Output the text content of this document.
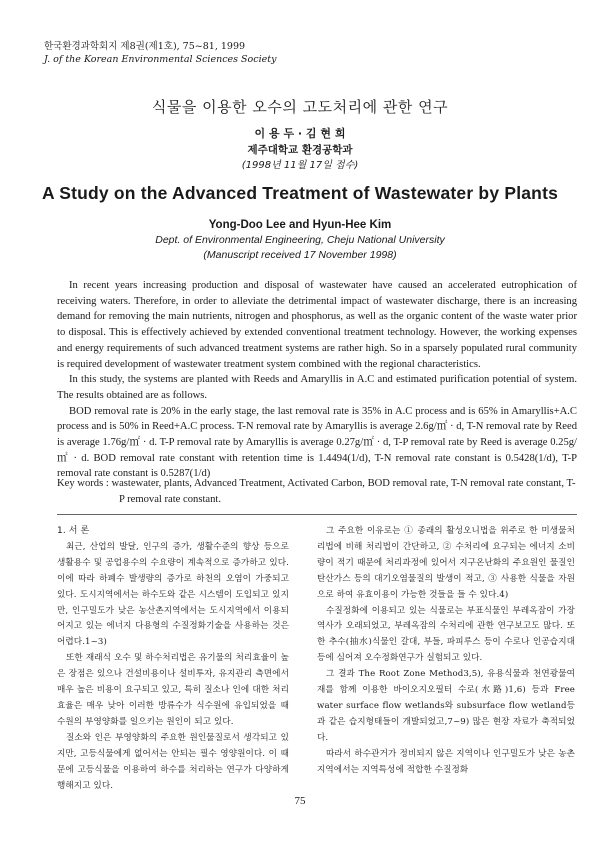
한국환경과학회지 제8권(제1호), 75~81, 1999
J. of the Korean Environmental Sciences Society
식물을 이용한 오수의 고도처리에 관한 연구
이 용 두 · 김 현 희
제주대학교 환경공학과
(1998년 11월 17일 접수)
A Study on the Advanced Treatment of Wastewater by Plants
Yong-Doo Lee and Hyun-Hee Kim
Dept. of Environmental Engineering, Cheju National University
(Manuscript received 17 November 1998)

In recent years increasing production and disposal of wastewater have caused an accelerated eutrophication of receiving waters. Therefore, in order to alleviate the detrimental impact of wastewater discharge, there is an increasing demand for removing the main nutrients, nitrogen and phosphorus, as well as the organic content of the waste water prior to disposal. This is effectively achieved by extended conventional treatment technology. However, the working expenses and energy requirements of such advanced treatment systems are rather high. So in a sparsely populated rural community is required development of wastewater treatment system combined with the regional characteristics.

In this study, the systems are planted with Reeds and Amaryllis in A.C and estimated purification potential of system. The results obtained are as follows.

BOD removal rate is 20% in the early stage, the last removal rate is 35% in A.C process and is 65% in Amaryllis+A.C process and is 50% in Reed+A.C process. T-N removal rate by Amaryllis is average 2.6g/㎡ · d, T-N removal rate by Reed is average 1.76g/㎡ · d. T-P removal rate by Amaryllis is average 0.27g/㎡ · d, T-P removal rate by Reed is average 0.25g/㎡ · d. BOD removal rate constant with retention time is 1.4494(1/d), T-N removal rate constant is 0.5428(1/d), T-P removal rate constant is 0.5287(1/d)

Key words : wastewater, plants, Advanced Treatment, Activated Carbon, BOD removal rate, T-N removal rate constant, T-P removal rate constant.

1. 서 론

최근, 산업의 발달, 인구의 증가, 생활수준의 향상 등으로 생활용수 및 공업용수의 수요량이 계속적으로 증가하고 있다. 이에 따라 하폐수 발생량의 증가로 하천의 오염이 가중되고 있다. 도시지역에서는 하수도와 같은 시스템이 도입되고 있지만, 인구밀도가 낮은 농산촌지역에서는 도시지역에서 이용되어지고 있는 에너지 다용형의 수질정화기술을 사용하는 것은 어렵다.1~3)

또한 재래식 오수 및 하수처리법은 유기물의 처리효율이 높은 장점은 있으나 건설비용이나 설비투자, 유지관리 측면에서 매우 높은 비용이 요구되고 있고, 특히 질소나 인에 대한 처리효율은 매우 낮아 이러한 방류수가 식수원에 유입되었을 때 수원의 부영양화를 일으키는 원인이 되고 있다.

질소와 인은 부영양화의 주요한 원인물질로서 생각되고 있지만, 고등식물에게 없어서는 안되는 필수 영양원이다. 이 때문에 고등식물을 이용하여 하수를 처리하는 연구가 다양하게 행해지고 있다.

그 주요한 이유로는 ① 종래의 활성오니법을 위주로 한 미생물처리법에 비해 처리법이 간단하고, ② 수처리에 요구되는 에너지 소비량이 적기 때문에 처리과정에 있어서 지구온난화의 주요원인 물질인 탄산가스 등의 대기오염물질의 발생이 적고, ③ 사용한 식물을 자원으로 하여 유효이용이 가능한 것들을 들 수 있다.4)

수질정화에 이용되고 있는 식물로는 부표식물인 부레옥잠이 가장 역사가 오래되었고, 부레옥잠의 수처리에 관한 연구보고도 많다. 또한 추수(抽水)식물인 갈대, 부들, 파피루스 등이 수로나 인공습지대 등에 심어져 오수정화연구가 실험되고 있다.

그 결과 The Root Zone Method3,5), 유용식물과 천연광물여재를 함께 이용한 바이오지오필터 수로(水路)1,6) 등과 Free water surface flow wetlands와 subsurface flow wetland등과 같은 습지형태들이 개발되었고,7~9) 많은 현장 자료가 축적되었다.

따라서 하수관거가 정비되지 않은 지역이나 인구밀도가 낮은 농촌지역에서는 지역특성에 적합한 수질정화

75
